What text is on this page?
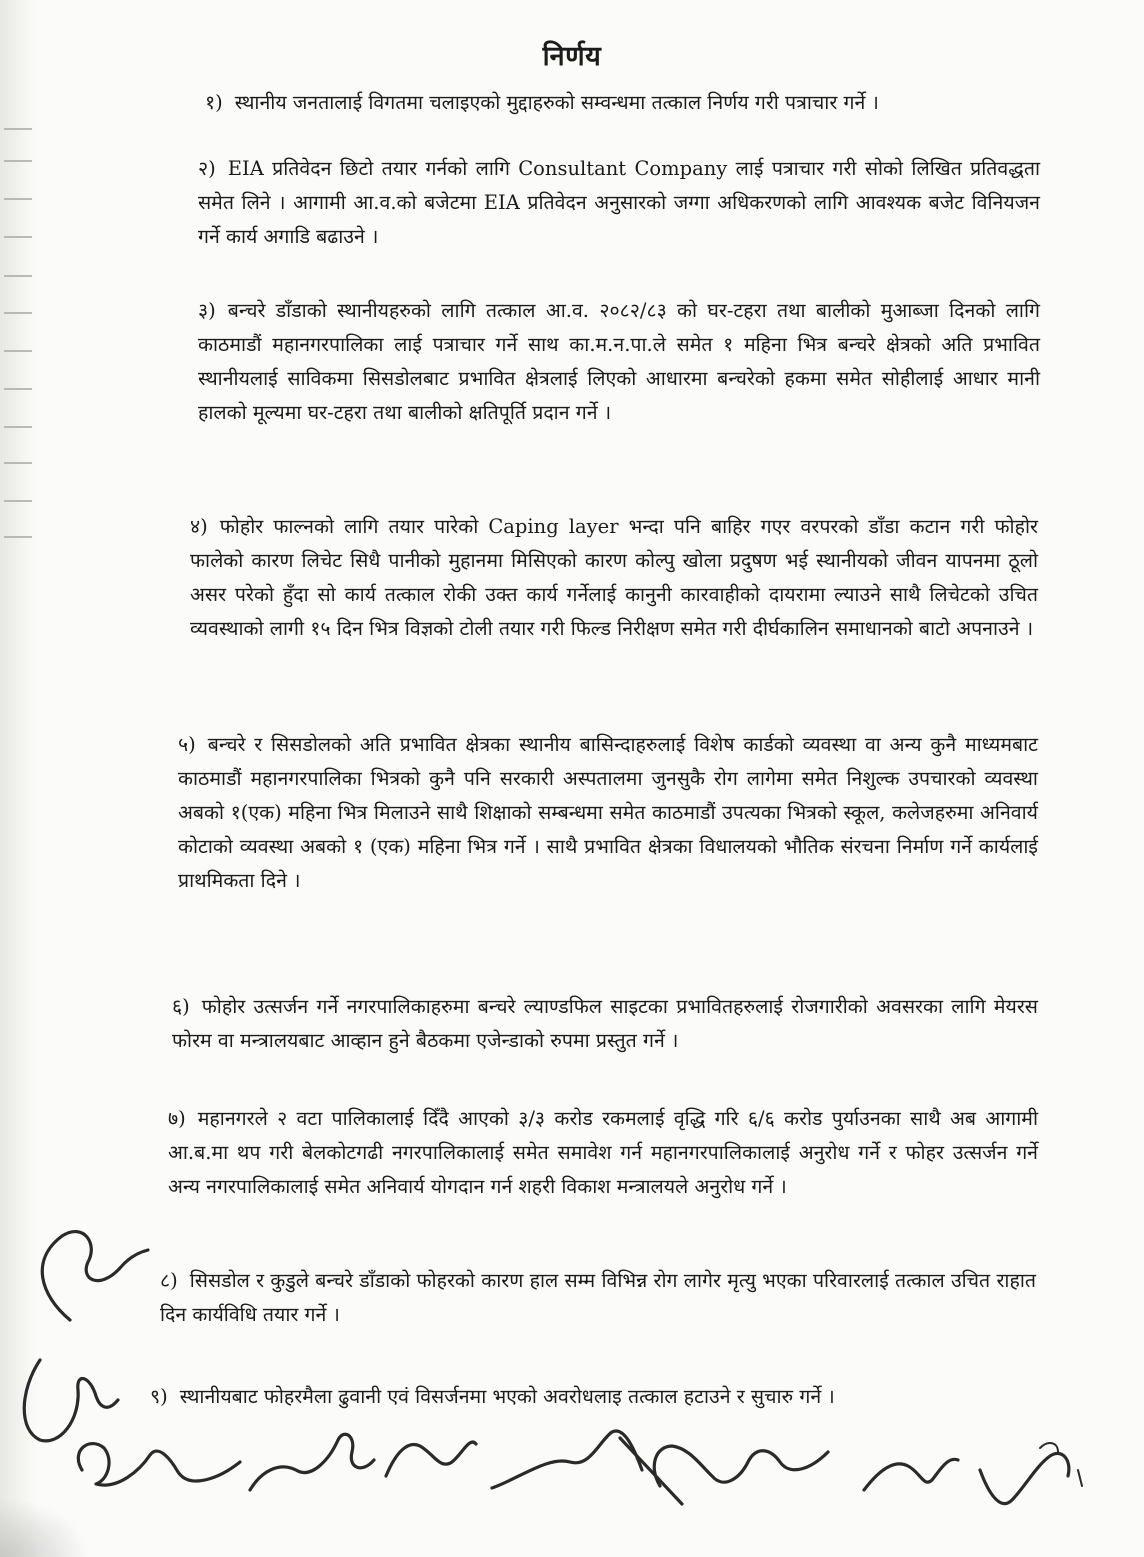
निर्णय

१) स्थानीय जनतालाई विगतमा चलाइएको मुद्दाहरुको सम्वन्धमा तत्काल निर्णय गरी पत्राचार गर्ने ।

२) EIA प्रतिवेदन छिटो तयार गर्नको लागि Consultant Company लाई पत्राचार गरी सोको लिखित प्रतिवद्धता समेत लिने । आगामी आ.व.को बजेटमा EIA प्रतिवेदन अनुसारको जग्गा अधिकरणको लागि आवश्यक बजेट विनियजन गर्ने कार्य अगाडि बढाउने ।

३) बन्चरे डाँडाको स्थानीयहरुको लागि तत्काल आ.व. २०८२/८३ को घर-टहरा तथा बालीको मुआब्जा दिनको लागि काठमाडौं महानगरपालिका लाई पत्राचार गर्ने साथ का.म.न.पा.ले समेत १ महिना भित्र बन्चरे क्षेत्रको अति प्रभावित स्थानीयलाई साविकमा सिसडोलबाट प्रभावित क्षेत्रलाई लिएको आधारमा बन्चरेको हकमा समेत सोहीलाई आधार मानी हालको मूल्यमा घर-टहरा तथा बालीको क्षतिपूर्ति प्रदान गर्ने ।

४) फोहोर फाल्नको लागि तयार पारेको Caping layer भन्दा पनि बाहिर गएर वरपरको डाँडा कटान गरी फोहोर फालेको कारण लिचेट सिधै पानीको मुहानमा मिसिएको कारण कोल्पु खोला प्रदुषण भई स्थानीयको जीवन यापनमा ठूलो असर परेको हुँदा सो कार्य तत्काल रोकी उक्त कार्य गर्नेलाई कानुनी कारवाहीको दायरामा ल्याउने साथै लिचेटको उचित व्यवस्थाको लागी १५ दिन भित्र विज्ञको टोली तयार गरी फिल्ड निरीक्षण समेत गरी दीर्घकालिन समाधानको बाटो अपनाउने ।

५) बन्चरे र सिसडोलको अति प्रभावित क्षेत्रका स्थानीय बासिन्दाहरुलाई विशेष कार्डको व्यवस्था वा अन्य कुनै माध्यमबाट काठमाडौं महानगरपालिका भित्रको कुनै पनि सरकारी अस्पतालमा जुनसुकै रोग लागेमा समेत निशुल्क उपचारको व्यवस्था अबको १(एक) महिना भित्र मिलाउने साथै शिक्षाको सम्बन्धमा समेत काठमाडौं उपत्यका भित्रको स्कूल, कलेजहरुमा अनिवार्य कोटाको व्यवस्था अबको १ (एक) महिना भित्र गर्ने । साथै प्रभावित क्षेत्रका विधालयको भौतिक संरचना निर्माण गर्ने कार्यलाई प्राथमिकता दिने ।

६) फोहोर उत्सर्जन गर्ने नगरपालिकाहरुमा बन्चरे ल्याण्डफिल साइटका प्रभावितहरुलाई रोजगारीको अवसरका लागि मेयरस फोरम वा मन्त्रालयबाट आव्हान हुने बैठकमा एजेन्डाको रुपमा प्रस्तुत गर्ने ।

७) महानगरले २ वटा पालिकालाई दिँदै आएको ३/३ करोड रकमलाई वृद्धि गरि ६/६ करोड पुर्याउनका साथै अब आगामी आ.ब.मा थप गरी बेलकोटगढी नगरपालिकालाई समेत समावेश गर्न महानगरपालिकालाई अनुरोध गर्ने र फोहर उत्सर्जन गर्ने अन्य नगरपालिकालाई समेत अनिवार्य योगदान गर्न शहरी विकाश मन्त्रालयले अनुरोध गर्ने ।

८) सिसडोल र कुडुले बन्चरे डाँडाको फोहरको कारण हाल सम्म विभिन्न रोग लागेर मृत्यु भएका परिवारलाई तत्काल उचित राहात दिन कार्यविधि तयार गर्ने ।

९) स्थानीयबाट फोहरमैला ढुवानी एवं विसर्जनमा भएको अवरोधलाइ तत्काल हटाउने र सुचारु गर्ने ।
